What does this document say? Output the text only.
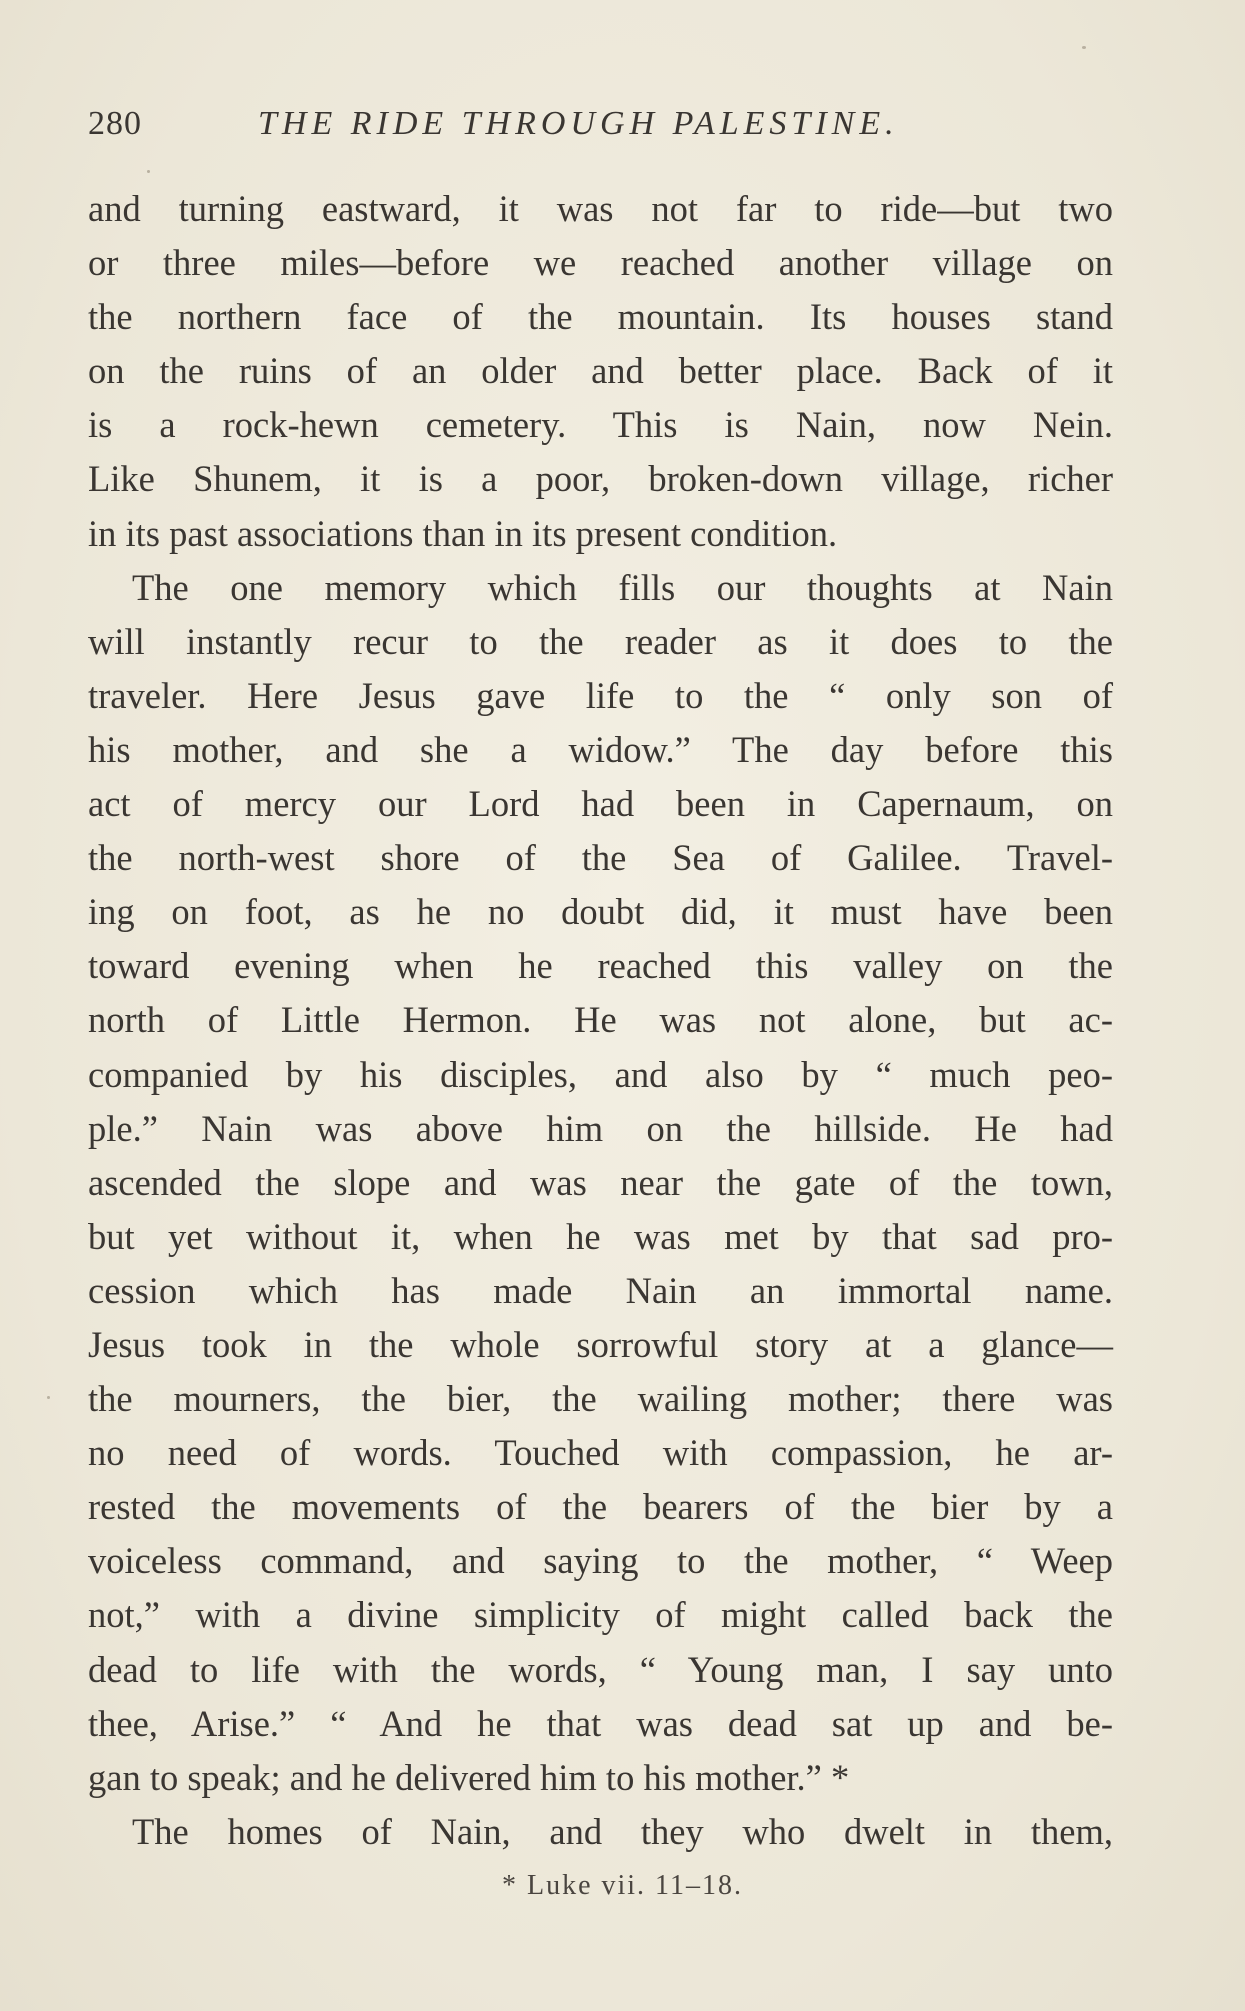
280	THE RIDE THROUGH PALESTINE.
and turning eastward, it was not far to ride—but two
or three miles—before we reached another village on
the northern face of the mountain. Its houses stand
on the ruins of an older and better place. Back of it
is a rock-hewn cemetery. This is Nain, now Nein.
Like Shunem, it is a poor, broken-down village, richer
in its past associations than in its present condition.
The one memory which fills our thoughts at Nain
will instantly recur to the reader as it does to the
traveler. Here Jesus gave life to the “ only son of
his mother, and she a widow.” The day before this
act of mercy our Lord had been in Capernaum, on
the north-west shore of the Sea of Galilee. Travel-
ing on foot, as he no doubt did, it must have been
toward evening when he reached this valley on the
north of Little Hermon. He was not alone, but ac-
companied by his disciples, and also by “ much peo-
ple.” Nain was above him on the hillside. He had
ascended the slope and was near the gate of the town,
but yet without it, when he was met by that sad pro-
cession which has made Nain an immortal name.
Jesus took in the whole sorrowful story at a glance—
the mourners, the bier, the wailing mother; there was
no need of words. Touched with compassion, he ar-
rested the movements of the bearers of the bier by a
voiceless command, and saying to the mother, “ Weep
not,” with a divine simplicity of might called back the
dead to life with the words, “ Young man, I say unto
thee, Arise.” “ And he that was dead sat up and be-
gan to speak; and he delivered him to his mother.” *
The homes of Nain, and they who dwelt in them,
* Luke vii. 11–18.
